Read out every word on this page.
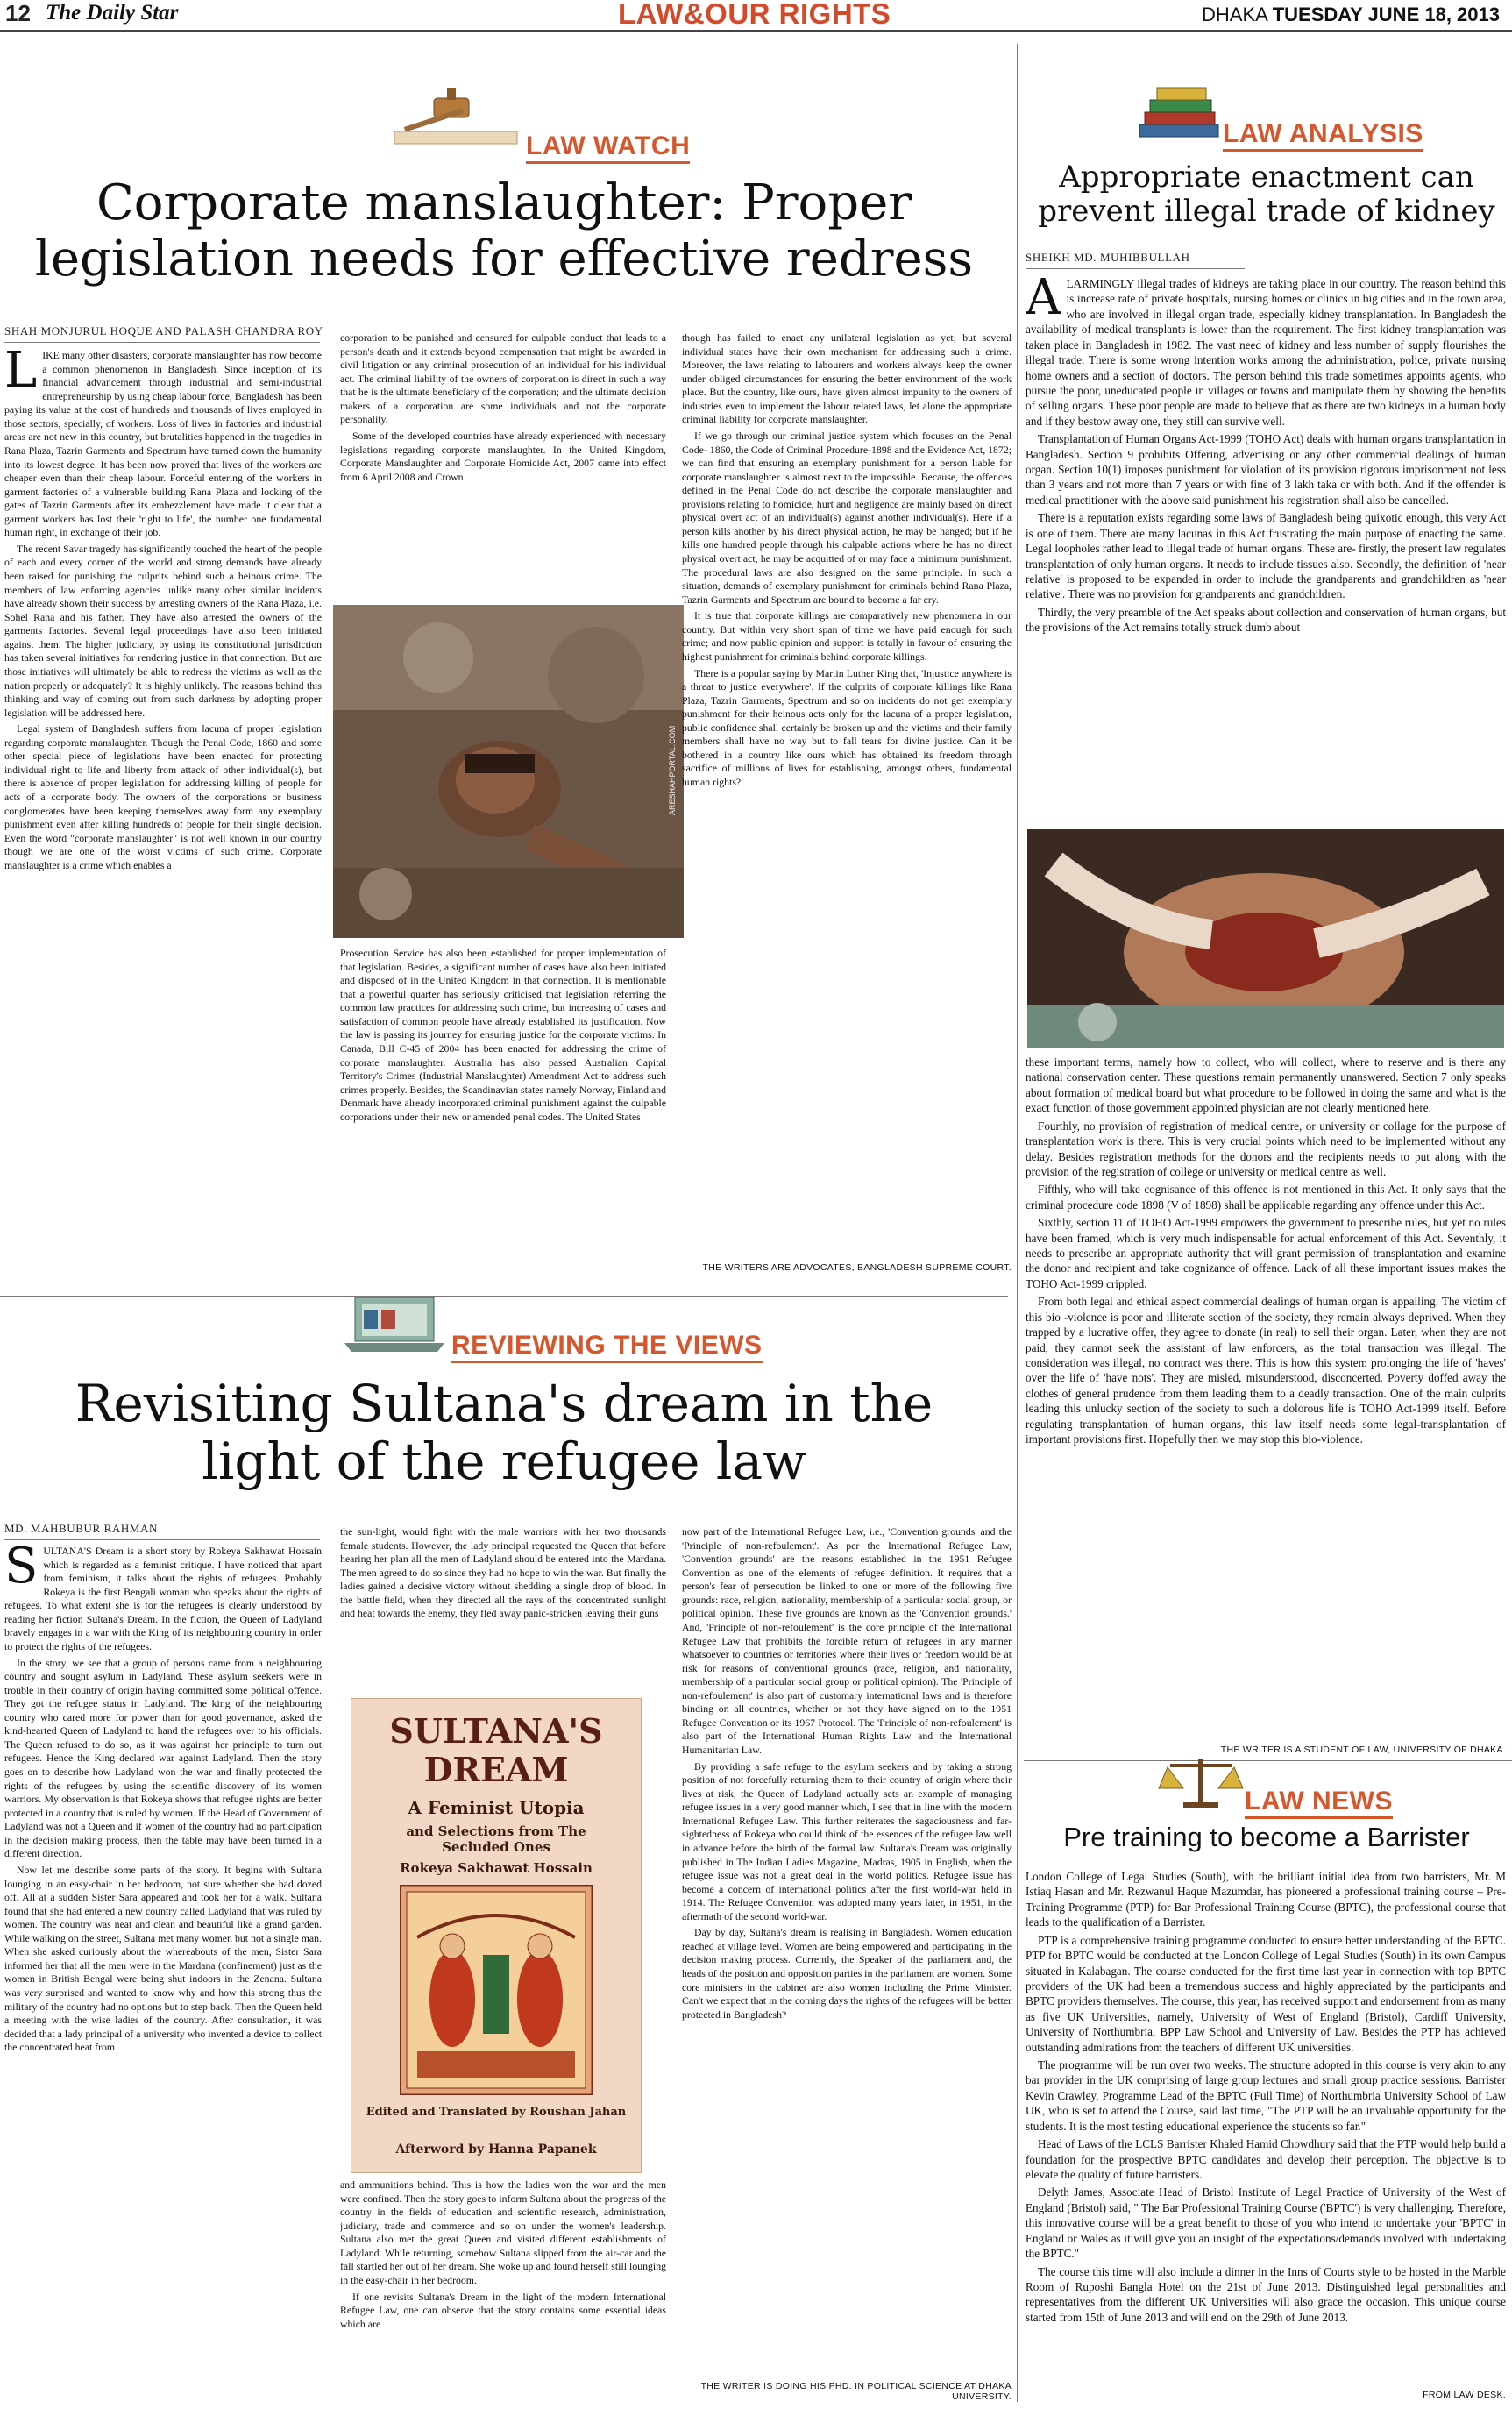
12 The Daily Star	LAW&OUR RIGHTS	DHAKA TUESDAY JUNE 18, 2013
LAW WATCH
Corporate manslaughter: Proper legislation needs for effective redress
SHAH MONJURUL HOQUE AND PALASH CHANDRA ROY

LIKE many other disasters, corporate manslaughter has now become a common phenomenon in Bangladesh. Since inception of its financial advancement through industrial and semi-industrial entrepreneurship by using cheap labour force, Bangladesh has been paying its value at the cost of hundreds and thousands of lives employed in those sectors, specially, of workers. Loss of lives in factories and industrial areas are not new in this country, but brutalities happened in the tragedies in Rana Plaza, Tazrin Garments and Spectrum have turned down the humanity into its lowest degree. It has been now proved that lives of the workers are cheaper even than their cheap labour. Forceful entering of the workers in garment factories of a vulnerable building Rana Plaza and locking of the gates of Tazrin Garments after its embezzlement have made it clear that a garment workers has lost their 'right to life', the number one fundamental human right, in exchange of their job.

The recent Savar tragedy has significantly touched the heart of the people of each and every corner of the world and strong demands have already been raised for punishing the culprits behind such a heinous crime. The members of law enforcing agencies unlike many other similar incidents have already shown their success by arresting owners of the Rana Plaza, i.e. Sohel Rana and his father. They have also arrested the owners of the garments factories. Several legal proceedings have also been initiated against them. The higher judiciary, by using its constitutional jurisdiction has taken several initiatives for rendering justice in that connection. But are those initiatives will ultimately be able to redress the victims as well as the nation properly or adequately? It is highly unlikely. The reasons behind this thinking and way of coming out from such darkness by adopting proper legislation will be addressed here.

Legal system of Bangladesh suffers from lacuna of proper legislation regarding corporate manslaughter. Though the Penal Code, 1860 and some other special piece of legislations have been enacted for protecting individual right to life and liberty from attack of other individual(s), but there is absence of proper legislation for addressing killing of people for acts of a corporate body. The owners of the corporations or business conglomerates have been keeping themselves away form any exemplary punishment even after killing hundreds of people for their single decision. Even the word "corporate manslaughter" is not well known in our country though we are one of the worst victims of such crime. Corporate manslaughter is a crime which enables a

corporation to be punished and censured for culpable conduct that leads to a person's death and it extends beyond compensation that might be awarded in civil litigation or any criminal prosecution of an individual for his individual act. The criminal liability of the owners of corporation is direct in such a way that he is the ultimate beneficiary of the corporation; and the ultimate decision makers of a corporation are some individuals and not the corporate personality.

Some of the developed countries have already experienced with necessary legislations regarding corporate manslaughter. In the United Kingdom, Corporate Manslaughter and Corporate Homicide Act, 2007 came into effect from 6 April 2008 and Crown

ARESHAHPORTAL.COM

Prosecution Service has also been established for proper implementation of that legislation. Besides, a significant number of cases have also been initiated and disposed of in the United Kingdom in that connection. It is mentionable that a powerful quarter has seriously criticised that legislation referring the common law practices for addressing such crime, but increasing of cases and satisfaction of common people have already established its justification. Now the law is passing its journey for ensuring justice for the corporate victims. In Canada, Bill C-45 of 2004 has been enacted for addressing the crime of corporate manslaughter. Australia has also passed Australian Capital Territory's Crimes (Industrial Manslaughter) Amendment Act to address such crimes properly. Besides, the Scandinavian states namely Norway, Finland and Denmark have already incorporated criminal punishment against the culpable corporations under their new or amended penal codes. The United States

though has failed to enact any unilateral legislation as yet; but several individual states have their own mechanism for addressing such a crime. Moreover, the laws relating to labourers and workers always keep the owner under obliged circumstances for ensuring the better environment of the work place. But the country, like ours, have given almost impunity to the owners of industries even to implement the labour related laws, let alone the appropriate criminal liability for corporate manslaughter.

If we go through our criminal justice system which focuses on the Penal Code- 1860, the Code of Criminal Procedure-1898 and the Evidence Act, 1872; we can find that ensuring an exemplary punishment for a person liable for corporate manslaughter is almost next to the impossible. Because, the offences defined in the Penal Code do not describe the corporate manslaughter and provisions relating to homicide, hurt and negligence are mainly based on direct physical overt act of an individual(s) against another individual(s). Here if a person kills another by his direct physical action, he may be hanged; but if he kills one hundred people through his culpable actions where he has no direct physical overt act, he may be acquitted of or may face a minimum punishment. The procedural laws are also designed on the same principle. In such a situation, demands of exemplary punishment for criminals behind Rana Plaza, Tazrin Garments and Spectrum are bound to become a far cry.

It is true that corporate killings are comparatively new phenomena in our country. But within very short span of time we have paid enough for such crime; and now public opinion and support is totally in favour of ensuring the highest punishment for criminals behind corporate killings.

There is a popular saying by Martin Luther King that, 'Injustice anywhere is a threat to justice everywhere'. If the culprits of corporate killings like Rana Plaza, Tazrin Garments, Spectrum and so on incidents do not get exemplary punishment for their heinous acts only for the lacuna of a proper legislation, public confidence shall certainly be broken up and the victims and their family members shall have no way but to fall tears for divine justice. Can it be bothered in a country like ours which has obtained its freedom through sacrifice of millions of lives for establishing, amongst others, fundamental human rights?

THE WRITERS ARE ADVOCATES, BANGLADESH SUPREME COURT.
REVIEWING THE VIEWS
Revisiting Sultana's dream in the light of the refugee law
MD. MAHBUBUR RAHMAN

SULTANA'S Dream is a short story by Rokeya Sakhawat Hossain which is regarded as a feminist critique. I have noticed that apart from feminism, it talks about the rights of refugees. Probably Rokeya is the first Bengali woman who speaks about the rights of refugees. To what extent she is for the refugees is clearly understood by reading her fiction Sultana's Dream. In the fiction, the Queen of Ladyland bravely engages in a war with the King of its neighbouring country in order to protect the rights of the refugees.

In the story, we see that a group of persons came from a neighbouring country and sought asylum in Ladyland. These asylum seekers were in trouble in their country of origin having committed some political offence. They got the refugee status in Ladyland. The king of the neighbouring country who cared more for power than for good governance, asked the kind-hearted Queen of Ladyland to hand the refugees over to his officials. The Queen refused to do so, as it was against her principle to turn out refugees. Hence the King declared war against Ladyland. Then the story goes on to describe how Ladyland won the war and finally protected the rights of the refugees by using the scientific discovery of its women warriors. My observation is that Rokeya shows that refugee rights are better protected in a country that is ruled by women. If the Head of Government of Ladyland was not a Queen and if women of the country had no participation in the decision making process, then the table may have been turned in a different direction.

Now let me describe some parts of the story. It begins with Sultana lounging in an easy-chair in her bedroom, not sure whether she had dozed off. All at a sudden Sister Sara appeared and took her for a walk. Sultana found that she had entered a new country called Ladyland that was ruled by women. The country was neat and clean and beautiful like a grand garden. While walking on the street, Sultana met many women but not a single man. When she asked curiously about the whereabouts of the men, Sister Sara informed her that all the men were in the Mardana (confinement) just as the women in British Bengal were being shut indoors in the Zenana. Sultana was very surprised and wanted to know why and how this strong thus the military of the country had no options but to step back. Then the Queen held a meeting with the wise ladies of the country. After consultation, it was decided that a lady principal of a university who invented a device to collect the concentrated heat from

the sun-light, would fight with the male warriors with her two thousands female students. However, the lady principal requested the Queen that before hearing her plan all the men of Ladyland should be entered into the Mardana. The men agreed to do so since they had no hope to win the war. But finally the ladies gained a decisive victory without shedding a single drop of blood. In the battle field, when they directed all the rays of the concentrated sunlight and heat towards the enemy, they fled away panic-stricken leaving their guns

SULTANA'S
DREAM
A Feminist Utopia
and Selections from The Secluded Ones
Rokeya Sakhawat Hossain
Edited and Translated by Roushan Jahan
Afterword by Hanna Papanek

and ammunitions behind. This is how the ladies won the war and the men were confined. Then the story goes to inform Sultana about the progress of the country in the fields of education and scientific research, administration, judiciary, trade and commerce and so on under the women's leadership. Sultana also met the great Queen and visited different establishments of Ladyland. While returning, somehow Sultana slipped from the air-car and the fall startled her out of her dream. She woke up and found herself still lounging in the easy-chair in her bedroom.

If one revisits Sultana's Dream in the light of the modern International Refugee Law, one can observe that the story contains some essential ideas which are

now part of the International Refugee Law, i.e., 'Convention grounds' and the 'Principle of non-refoulement'. As per the International Refugee Law, 'Convention grounds' are the reasons established in the 1951 Refugee Convention as one of the elements of refugee definition. It requires that a person's fear of persecution be linked to one or more of the following five grounds: race, religion, nationality, membership of a particular social group, or political opinion. These five grounds are known as the 'Convention grounds.' And, 'Principle of non-refoulement' is the core principle of the International Refugee Law that prohibits the forcible return of refugees in any manner whatsoever to countries or territories where their lives or freedom would be at risk for reasons of conventional grounds (race, religion, and nationality, membership of a particular social group or political opinion). The 'Principle of non-refoulement' is also part of customary international laws and is therefore binding on all countries, whether or not they have signed on to the 1951 Refugee Convention or its 1967 Protocol. The 'Principle of non-refoulement' is also part of the International Human Rights Law and the International Humanitarian Law.

By providing a safe refuge to the asylum seekers and by taking a strong position of not forcefully returning them to their country of origin where their lives at risk, the Queen of Ladyland actually sets an example of managing refugee issues in a very good manner which, I see that in line with the modern International Refugee Law. This further reiterates the sagaciousness and far-sightedness of Rokeya who could think of the essences of the refugee law well in advance before the birth of the formal law. Sultana's Dream was originally published in The Indian Ladies Magazine, Madras, 1905 in English, when the refugee issue was not a great deal in the world politics. Refugee issue has become a concern of international politics after the first world-war held in 1914. The Refugee Convention was adopted many years later, in 1951, in the aftermath of the second world-war.

Day by day, Sultana's dream is realising in Bangladesh. Women education reached at village level. Women are being empowered and participating in the decision making process. Currently, the Speaker of the parliament and, the heads of the position and opposition parties in the parliament are women. Some core ministers in the cabinet are also women including the Prime Minister. Can't we expect that in the coming days the rights of the refugees will be better protected in Bangladesh?

THE WRITER IS DOING HIS PHD. IN POLITICAL SCIENCE AT DHAKA UNIVERSITY.
LAW ANALYSIS
Appropriate enactment can prevent illegal trade of kidney
SHEIKH MD. MUHIBBULLAH

ALARMINGLY illegal trades of kidneys are taking place in our country. The reason behind this is increase rate of private hospitals, nursing homes or clinics in big cities and in the town area, who are involved in illegal organ trade, especially kidney transplantation. In Bangladesh the availability of medical transplants is lower than the requirement. The first kidney transplantation was taken place in Bangladesh in 1982. The vast need of kidney and less number of supply flourishes the illegal trade. There is some wrong intention works among the administration, police, private nursing home owners and a section of doctors. The person behind this trade sometimes appoints agents, who pursue the poor, uneducated people in villages or towns and manipulate them by showing the benefits of selling organs. These poor people are made to believe that as there are two kidneys in a human body and if they bestow away one, they still can survive well.

Transplantation of Human Organs Act-1999 (TOHO Act) deals with human organs transplantation in Bangladesh. Section 9 prohibits Offering, advertising or any other commercial dealings of human organ. Section 10(1) imposes punishment for violation of its provision rigorous imprisonment not less than 3 years and not more than 7 years or with fine of 3 lakh taka or with both. And if the offender is medical practitioner with the above said punishment his registration shall also be cancelled.

There is a reputation exists regarding some laws of Bangladesh being quixotic enough, this very Act is one of them. There are many lacunas in this Act frustrating the main purpose of enacting the same. Legal loopholes rather lead to illegal trade of human organs. These are- firstly, the present law regulates transplantation of only human organs. It needs to include tissues also. Secondly, the definition of 'near relative' is proposed to be expanded in order to include the grandparents and grandchildren as 'near relative'. There was no provision for grandparents and grandchildren.

Thirdly, the very preamble of the Act speaks about collection and conservation of human organs, but the provisions of the Act remains totally struck dumb about

these important terms, namely how to collect, who will collect, where to reserve and is there any national conservation center. These questions remain permanently unanswered. Section 7 only speaks about formation of medical board but what procedure to be followed in doing the same and what is the exact function of those government appointed physician are not clearly mentioned here.

Fourthly, no provision of registration of medical centre, or university or collage for the purpose of transplantation work is there. This is very crucial points which need to be implemented without any delay. Besides registration methods for the donors and the recipients needs to put along with the provision of the registration of college or university or medical centre as well.

Fifthly, who will take cognisance of this offence is not mentioned in this Act. It only says that the criminal procedure code 1898 (V of 1898) shall be applicable regarding any offence under this Act.

Sixthly, section 11 of TOHO Act-1999 empowers the government to prescribe rules, but yet no rules have been framed, which is very much indispensable for actual enforcement of this Act. Seventhly, it needs to prescribe an appropriate authority that will grant permission of transplantation and examine the donor and recipient and take cognizance of offence. Lack of all these important issues makes the TOHO Act-1999 crippled.

From both legal and ethical aspect commercial dealings of human organ is appalling. The victim of this bio -violence is poor and illiterate section of the society, they remain always deprived. When they trapped by a lucrative offer, they agree to donate (in real) to sell their organ. Later, when they are not paid, they cannot seek the assistant of law enforcers, as the total transaction was illegal. The consideration was illegal, no contract was there. This is how this system prolonging the life of 'haves' over the life of 'have nots'. They are misled, misunderstood, disconcerted. Poverty doffed away the clothes of general prudence from them leading them to a deadly transaction. One of the main culprits leading this unlucky section of the society to such a dolorous life is TOHO Act-1999 itself. Before regulating transplantation of human organs, this law itself needs some legal-transplantation of important provisions first. Hopefully then we may stop this bio-violence.

THE WRITER IS A STUDENT OF LAW, UNIVERSITY OF DHAKA.
LAW NEWS
Pre training to become a Barrister

London College of Legal Studies (South), with the brilliant initial idea from two barristers, Mr. M Istiaq Hasan and Mr. Rezwanul Haque Mazumdar, has pioneered a professional training course – Pre-Training Programme (PTP) for Bar Professional Training Course (BPTC), the professional course that leads to the qualification of a Barrister.

PTP is a comprehensive training programme conducted to ensure better understanding of the BPTC. PTP for BPTC would be conducted at the London College of Legal Studies (South) in its own Campus situated in Kalabagan. The course conducted for the first time last year in connection with top BPTC providers of the UK had been a tremendous success and highly appreciated by the participants and BPTC providers themselves. The course, this year, has received support and endorsement from as many as five UK Universities, namely, University of West of England (Bristol), Cardiff University, University of Northumbria, BPP Law School and University of Law. Besides the PTP has achieved outstanding admirations from the teachers of different UK universities.

The programme will be run over two weeks. The structure adopted in this course is very akin to any bar provider in the UK comprising of large group lectures and small group practice sessions. Barrister Kevin Crawley, Programme Lead of the BPTC (Full Time) of Northumbria University School of Law UK, who is set to attend the Course, said last time, "The PTP will be an invaluable opportunity for the students. It is the most testing educational experience the students so far."

Head of Laws of the LCLS Barrister Khaled Hamid Chowdhury said that the PTP would help build a foundation for the prospective BPTC candidates and develop their perception. The objective is to elevate the quality of future barristers.

Delyth James, Associate Head of Bristol Institute of Legal Practice of University of the West of England (Bristol) said, " The Bar Professional Training Course ('BPTC') is very challenging. Therefore, this innovative course will be a great benefit to those of you who intend to undertake your 'BPTC' in England or Wales as it will give you an insight of the expectations/demands involved with undertaking the BPTC."

The course this time will also include a dinner in the Inns of Courts style to be hosted in the Marble Room of Ruposhi Bangla Hotel on the 21st of June 2013. Distinguished legal personalities and representatives from the different UK Universities will also grace the occasion. This unique course started from 15th of June 2013 and will end on the 29th of June 2013.

FROM LAW DESK.
